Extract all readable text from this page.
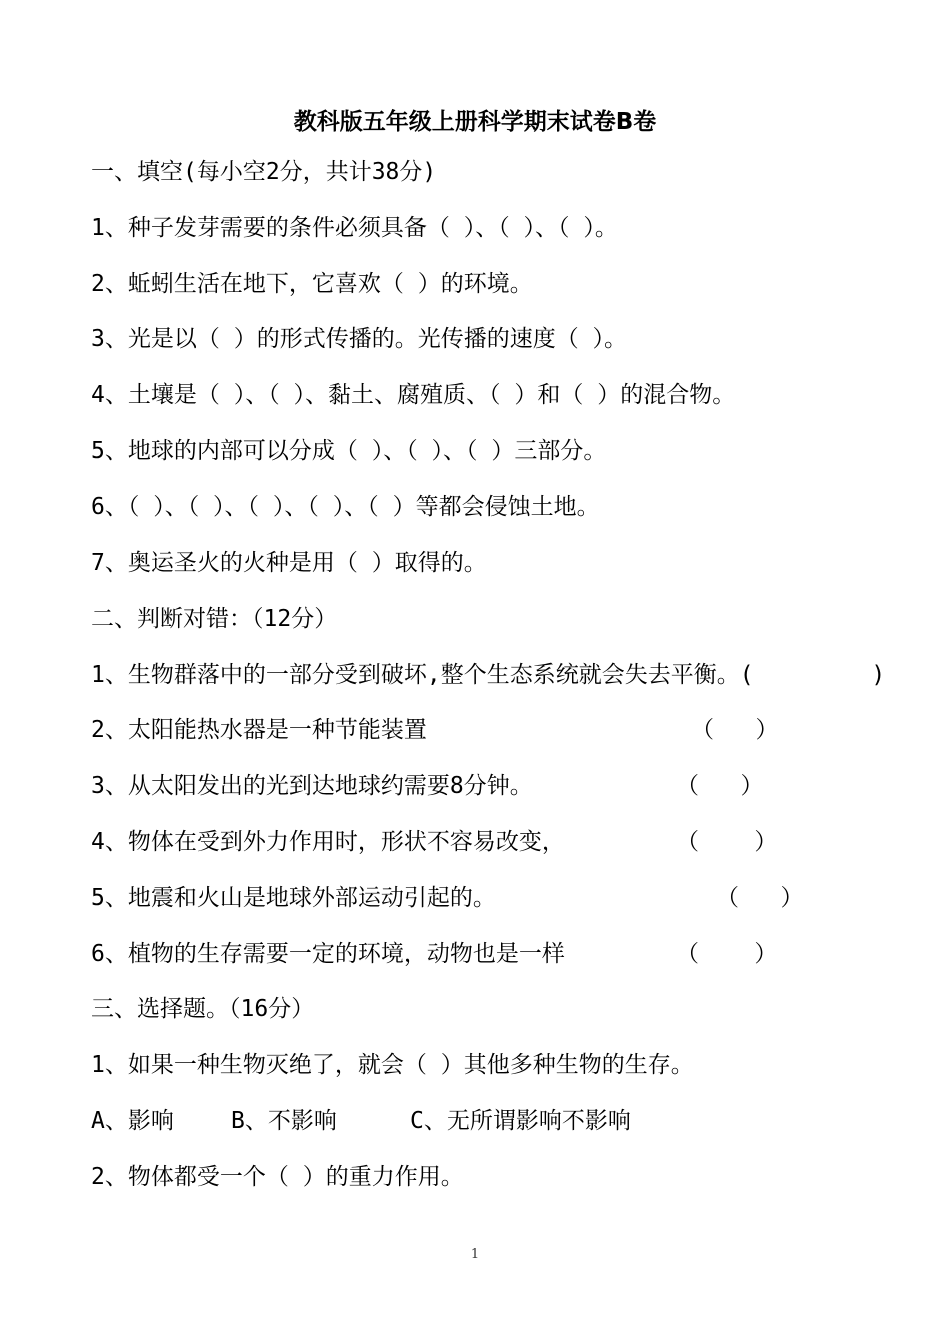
教科版五年级上册科学期末试卷B卷
一、填空(每小空2分，共计38分)
1、种子发芽需要的条件必须具备（ ）、（ ）、（ ）。
2、蚯蚓生活在地下，它喜欢（ ）的环境。
3、光是以（ ）的形式传播的。光传播的速度（ ）。
4、土壤是（ ）、（ ）、黏土、腐殖质、（ ）和（ ）的混合物。
5、地球的内部可以分成（ ）、（ ）、（ ）三部分。
6、（ ）、（ ）、（ ）、（ ）、（ ）等都会侵蚀土地。
7、奥运圣火的火种是用（ ）取得的。
二、判断对错：（12分）
1、生物群落中的一部分受到破坏,整个生态系统就会失去平衡。(	)
2、太阳能热水器是一种节能装置	（   ）
3、从太阳发出的光到达地球约需要8分钟。	（   ）
4、物体在受到外力作用时，形状不容易改变，	（    ）
5、地震和火山是地球外部运动引起的。	（   ）
6、植物的生存需要一定的环境，动物也是一样	（    ）
三、选择题。（16分）
1、如果一种生物灭绝了，就会（ ）其他多种生物的生存。
A、影响 B、不影响	C、无所谓影响不影响
2、物体都受一个（ ）的重力作用。
1
